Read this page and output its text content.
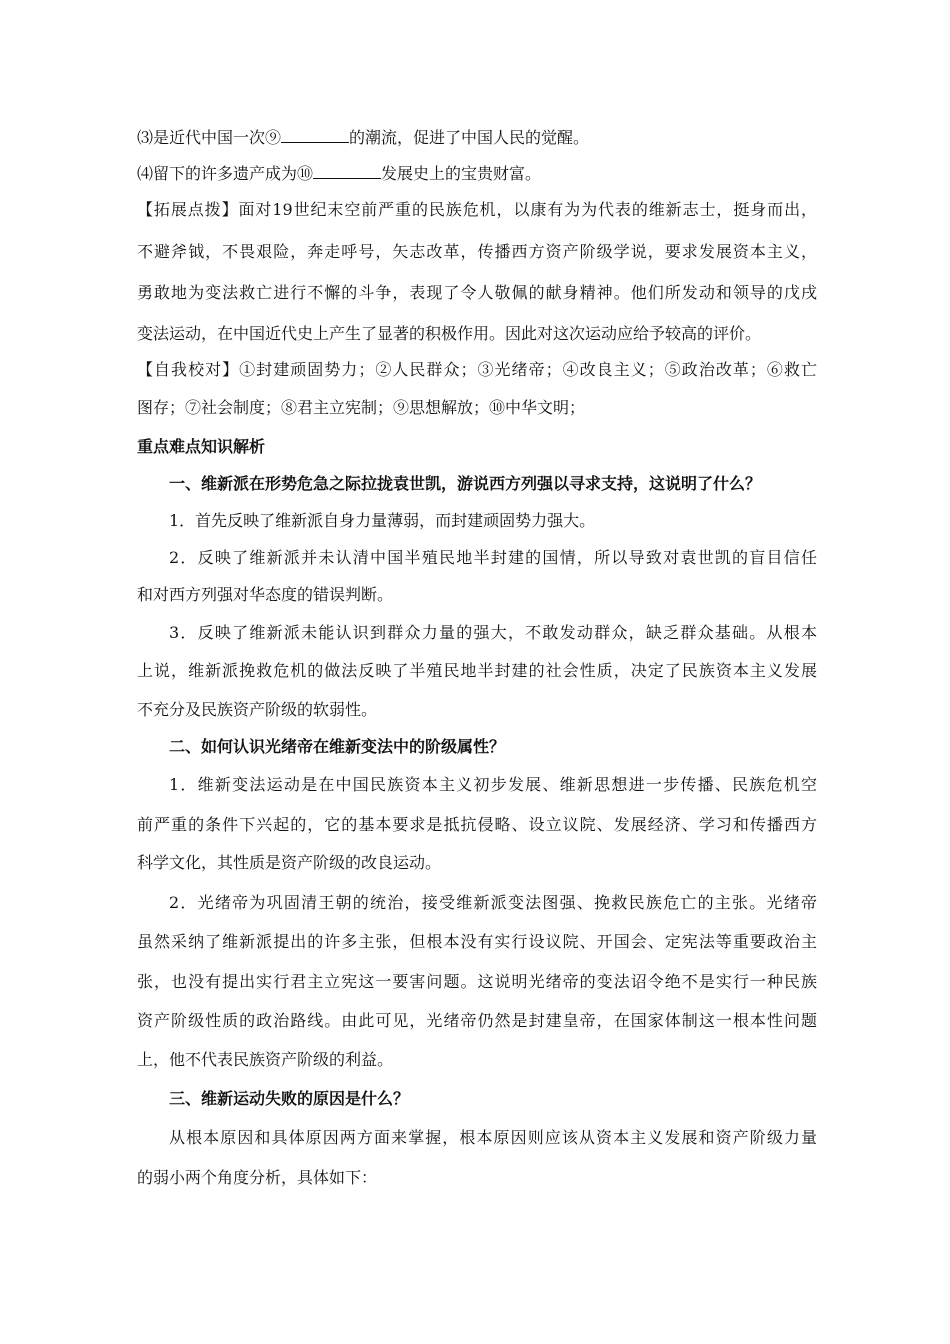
⑶是近代中国一次⑨	的潮流，促进了中国人民的觉醒。
⑷留下的许多遗产成为⑩	发展史上的宝贵财富。
【拓展点拨】面对19世纪末空前严重的民族危机，以康有为为代表的维新志士，挺身而出，
不避斧钺，不畏艰险，奔走呼号，矢志改革，传播西方资产阶级学说，要求发展资本主义，
勇敢地为变法救亡进行不懈的斗争，表现了令人敬佩的献身精神。他们所发动和领导的戊戌
变法运动，在中国近代史上产生了显著的积极作用。因此对这次运动应给予较高的评价。
【自我校对】①封建顽固势力；②人民群众；③光绪帝；④改良主义；⑤政治改革；⑥救亡
图存；⑦社会制度；⑧君主立宪制；⑨思想解放；⑩中华文明；
重点难点知识解析
一、维新派在形势危急之际拉拢袁世凯，游说西方列强以寻求支持，这说明了什么？
1．首先反映了维新派自身力量薄弱，而封建顽固势力强大。
2．反映了维新派并未认清中国半殖民地半封建的国情，所以导致对袁世凯的盲目信任
和对西方列强对华态度的错误判断。
3．反映了维新派未能认识到群众力量的强大，不敢发动群众，缺乏群众基础。从根本
上说，维新派挽救危机的做法反映了半殖民地半封建的社会性质，决定了民族资本主义发展
不充分及民族资产阶级的软弱性。
二、如何认识光绪帝在维新变法中的阶级属性？
1．维新变法运动是在中国民族资本主义初步发展、维新思想进一步传播、民族危机空
前严重的条件下兴起的，它的基本要求是抵抗侵略、设立议院、发展经济、学习和传播西方
科学文化，其性质是资产阶级的改良运动。
2．光绪帝为巩固清王朝的统治，接受维新派变法图强、挽救民族危亡的主张。光绪帝
虽然采纳了维新派提出的许多主张，但根本没有实行设议院、开国会、定宪法等重要政治主
张，也没有提出实行君主立宪这一要害问题。这说明光绪帝的变法诏令绝不是实行一种民族
资产阶级性质的政治路线。由此可见，光绪帝仍然是封建皇帝，在国家体制这一根本性问题
上，他不代表民族资产阶级的利益。
三、维新运动失败的原因是什么？
从根本原因和具体原因两方面来掌握，根本原因则应该从资本主义发展和资产阶级力量
的弱小两个角度分析，具体如下：
